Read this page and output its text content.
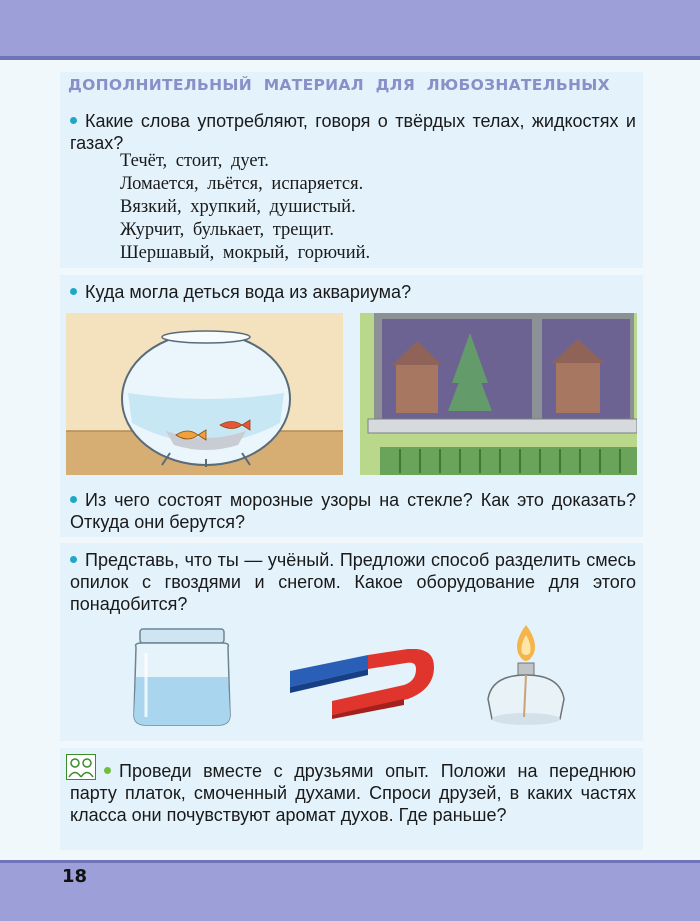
ДОПОЛНИТЕЛЬНЫЙ МАТЕРИАЛ ДЛЯ ЛЮБОЗНАТЕЛЬНЫХ
Какие слова употребляют, говоря о твёрдых телах, жидкостях и газах?
Течёт, стоит, дует.
Ломается, льётся, испаряется.
Вязкий, хрупкий, душистый.
Журчит, булькает, трещит.
Шершавый, мокрый, горючий.
Куда могла деться вода из аквариума?
Из чего состоят морозные узоры на стекле? Как это доказать? Откуда они берутся?
Представь, что ты — учёный. Предложи способ разделить смесь опилок с гвоздями и снегом. Какое оборудование для этого понадобится?
Проведи вместе с друзьями опыт. Положи на переднюю парту платок, смоченный духами. Спроси друзей, в каких частях класса они почувствуют аромат духов. Где раньше?
18
